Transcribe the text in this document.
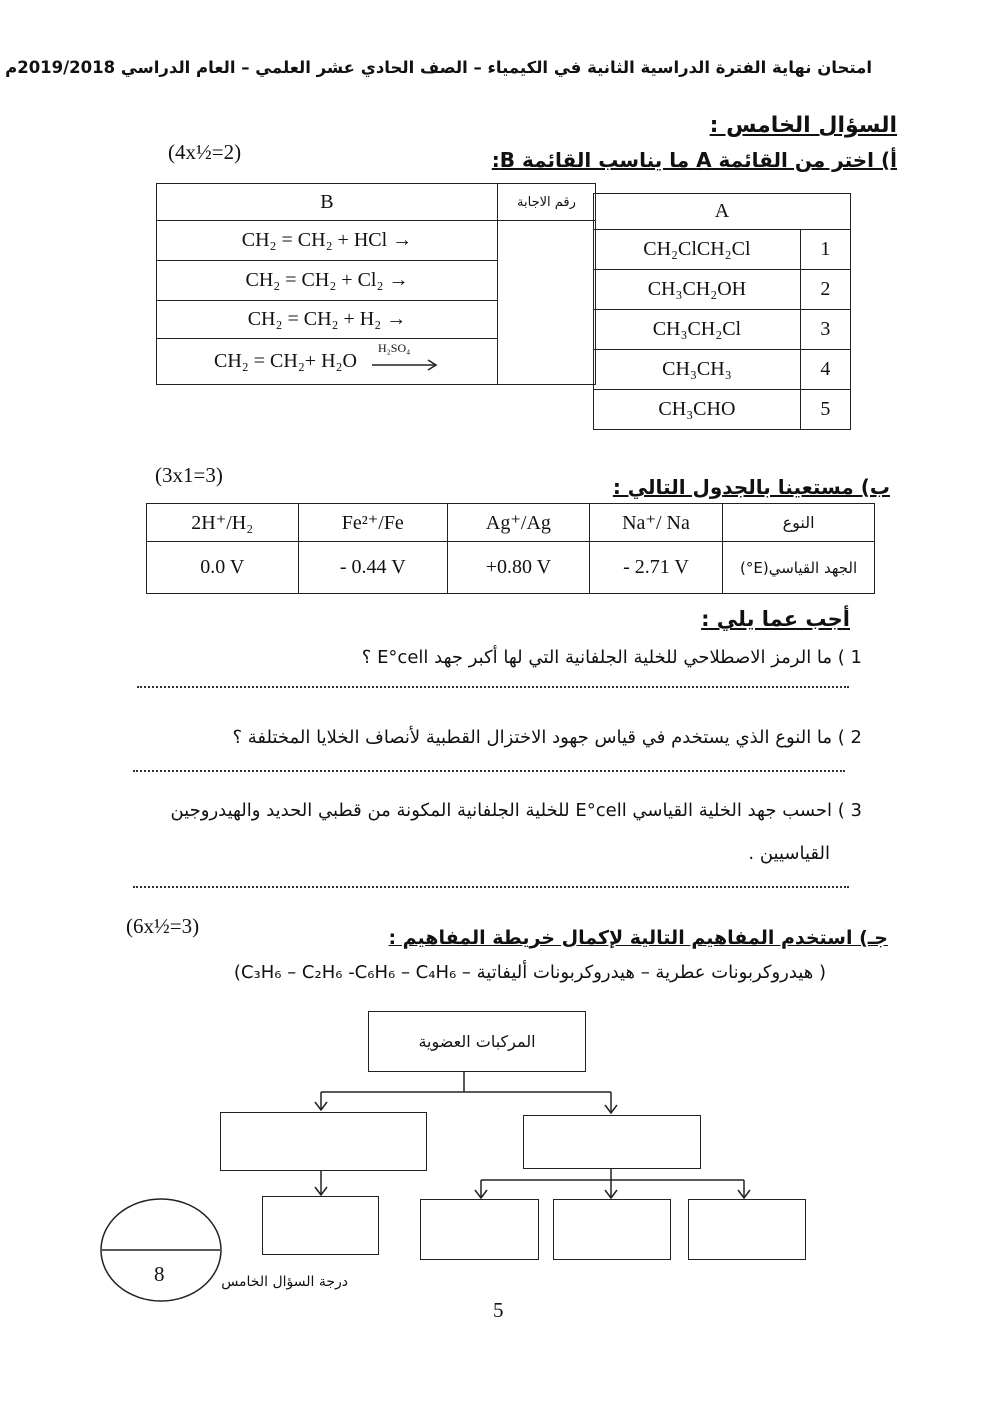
امتحان نهاية الفترة الدراسية الثانية في الكيمياء – الصف الحادي عشر العلمي – العام الدراسي 2019/2018م
السؤال الخامس :
(4x½=2)	أ) اختر من القائمة A ما يناسب القائمة B:
B	رقم الاجابة
CH₂ = CH₂ + HCl →	
CH₂ = CH₂ + Cl₂ →	
CH₂ = CH₂ + H₂ →	
CH₂ = CH₂+ H₂O
H₂SO₄	
A	
CH₂ClCH₂Cl	1
CH₃CH₂OH	2
CH₃CH₂Cl	3
CH₃CH₃	4
CH₃CHO	5
(3x1=3)	ب) مستعينا بالجدول التالي :
2H⁺/H₂	Fe²⁺/Fe	Ag⁺/Ag	Na⁺/ Na	النوع
0.0 V	- 0.44 V	+0.80 V	- 2.71 V	الجهد القياسي(E°)
أجب عما يلي :
1 ) ما الرمز الاصطلاحي للخلية الجلفانية التي لها أكبر جهد E°cell ؟
2 ) ما النوع الذي يستخدم في قياس جهود الاختزال القطبية لأنصاف الخلايا المختلفة ؟
3 ) احسب جهد الخلية القياسي E°cell للخلية الجلفانية المكونة من قطبي الحديد والهيدروجين
القياسيين .
(6x½=3)	جـ) استخدم المفاهيم التالية لإكمال خريطة المفاهيم :
( هيدروكربونات عطرية – هيدروكربونات أليفاتية – C₃H₆ – C₂H₆ -C₆H₆ – C₄H₆)
المركبات العضوية
8	درجة السؤال الخامس
5
